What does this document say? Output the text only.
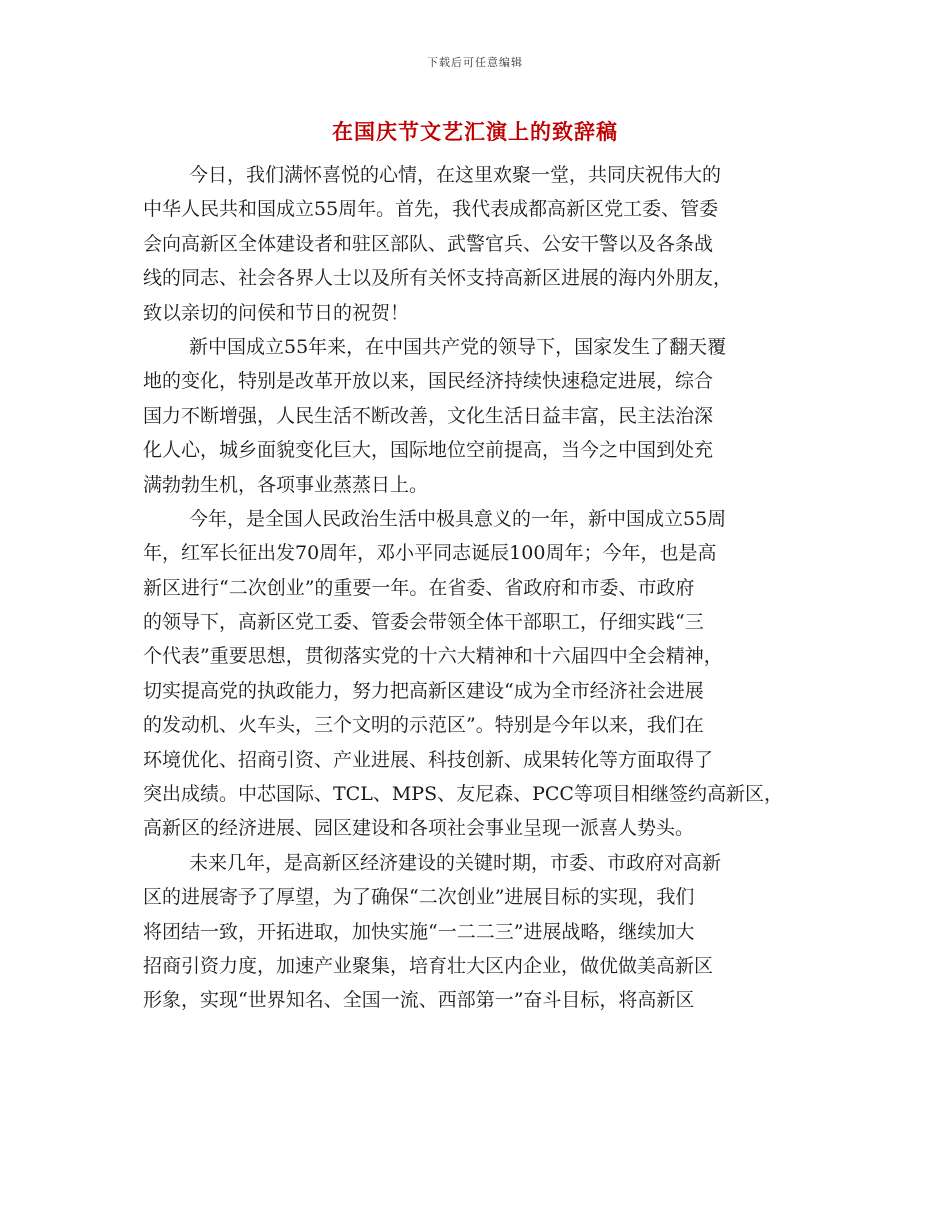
下载后可任意编辑
在国庆节文艺汇演上的致辞稿

今日，我们满怀喜悦的心情，在这里欢聚一堂，共同庆祝伟大的
中华人民共和国成立55周年。首先，我代表成都高新区党工委、管委
会向高新区全体建设者和驻区部队、武警官兵、公安干警以及各条战
线的同志、社会各界人士以及所有关怀支持高新区进展的海内外朋友，
致以亲切的问侯和节日的祝贺！

新中国成立55年来，在中国共产党的领导下，国家发生了翻天覆
地的变化，特别是改革开放以来，国民经济持续快速稳定进展，综合
国力不断增强，人民生活不断改善，文化生活日益丰富，民主法治深
化人心，城乡面貌变化巨大，国际地位空前提高，当今之中国到处充
满勃勃生机，各项事业蒸蒸日上。

今年，是全国人民政治生活中极具意义的一年，新中国成立55周
年，红军长征出发70周年，邓小平同志诞辰100周年；今年，也是高
新区进行“二次创业”的重要一年。在省委、省政府和市委、市政府
的领导下，高新区党工委、管委会带领全体干部职工，仔细实践“三
个代表”重要思想，贯彻落实党的十六大精神和十六届四中全会精神，
切实提高党的执政能力，努力把高新区建设“成为全市经济社会进展
的发动机、火车头，三个文明的示范区”。特别是今年以来，我们在
环境优化、招商引资、产业进展、科技创新、成果转化等方面取得了
突出成绩。中芯国际、TCL、MPS、友尼森、PCC等项目相继签约高新区，
高新区的经济进展、园区建设和各项社会事业呈现一派喜人势头。

未来几年，是高新区经济建设的关键时期，市委、市政府对高新
区的进展寄予了厚望，为了确保“二次创业”进展目标的实现，我们
将团结一致，开拓进取，加快实施“一二二三”进展战略，继续加大
招商引资力度，加速产业聚集，培育壮大区内企业，做优做美高新区
形象，实现“世界知名、全国一流、西部第一”奋斗目标，将高新区
